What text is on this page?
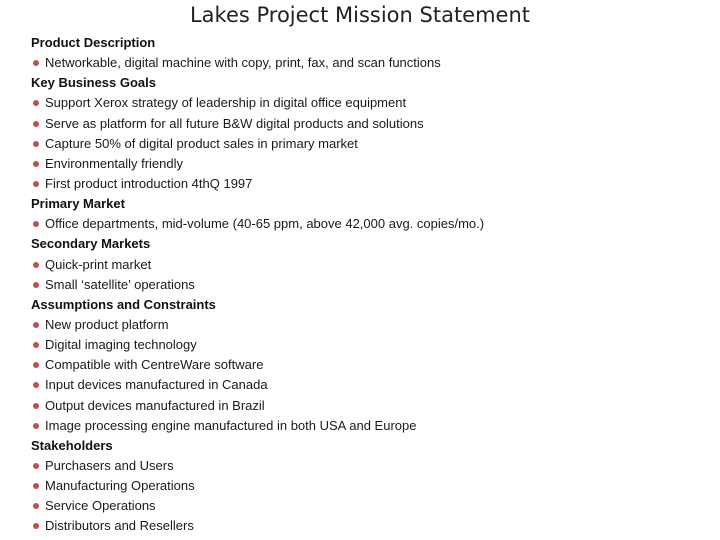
Lakes Project Mission Statement
Product Description
Networkable, digital machine with copy, print, fax, and scan functions
Key Business Goals
Support Xerox strategy of leadership in digital office equipment
Serve as platform for all future B&W digital products and solutions
Capture 50% of digital product sales in primary market
Environmentally friendly
First product introduction 4thQ 1997
Primary Market
Office departments, mid-volume (40-65 ppm, above 42,000 avg. copies/mo.)
Secondary Markets
Quick-print market
Small ‘satellite’ operations
Assumptions and Constraints
New product platform
Digital imaging technology
Compatible with CentreWare software
Input devices manufactured in Canada
Output devices manufactured in Brazil
Image processing engine manufactured in both USA and Europe
Stakeholders
Purchasers and Users
Manufacturing Operations
Service Operations
Distributors and Resellers
